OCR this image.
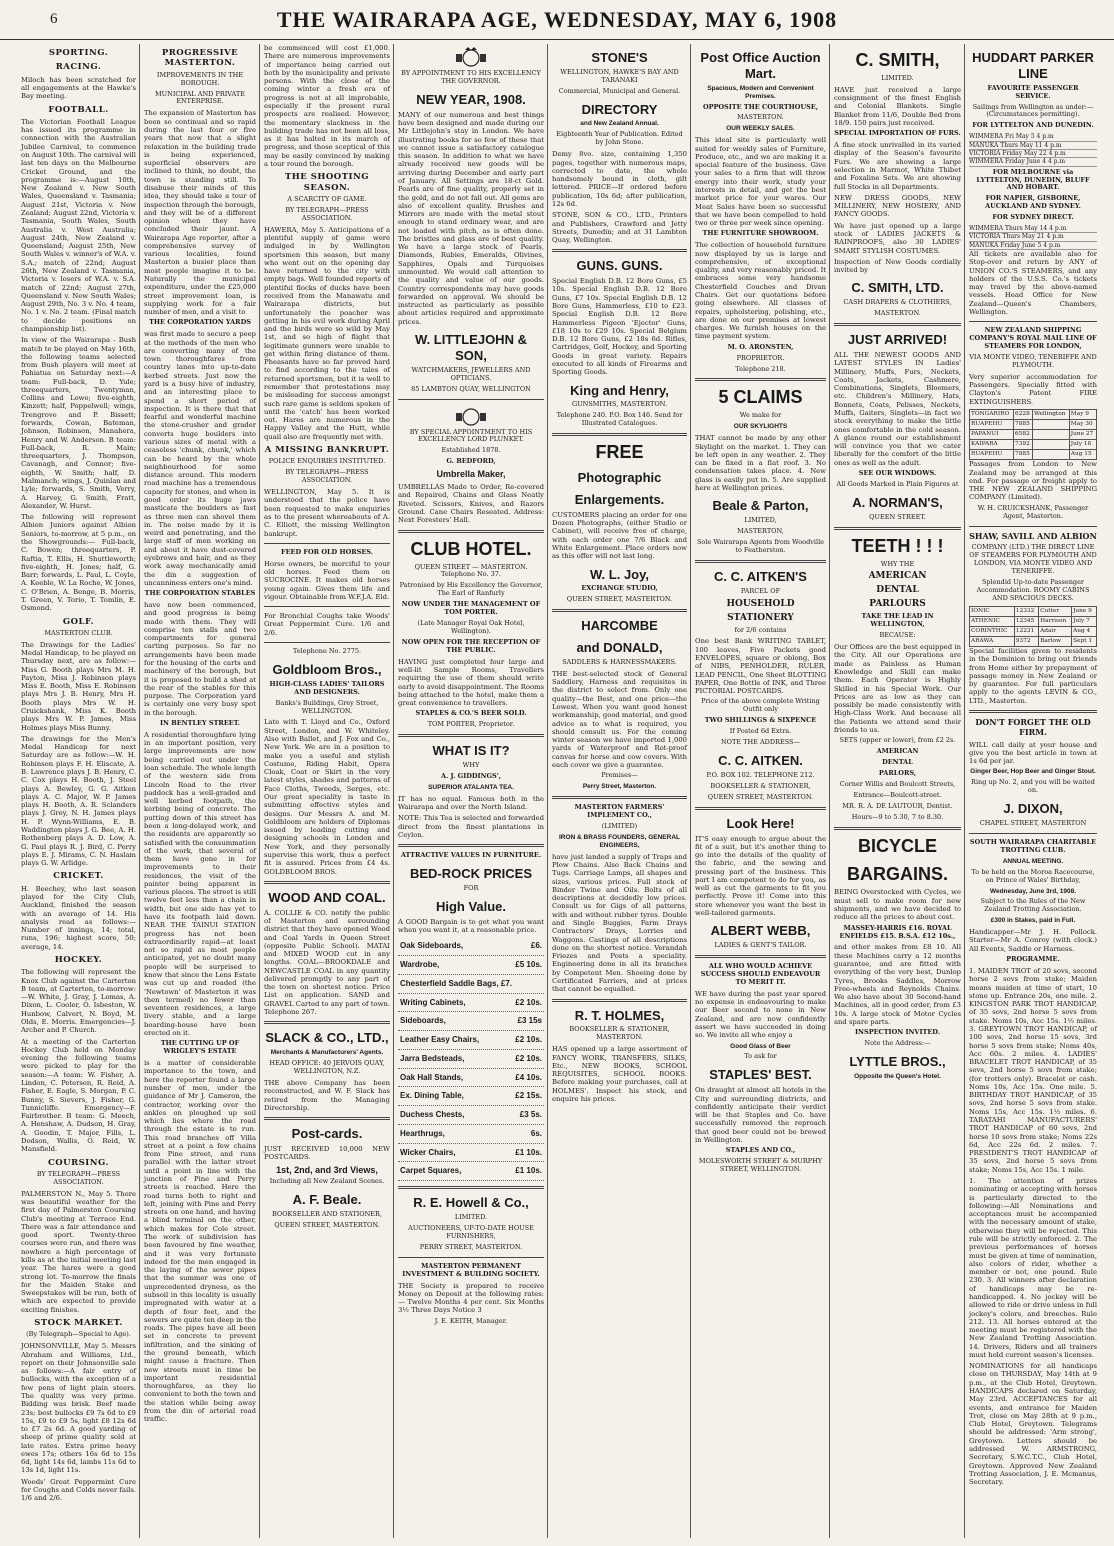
6	THE WAIRARAPA AGE, WEDNESDAY, MAY 6, 1908
SPORTING.
RACING.

Miloch has been scratched for all engagements at the Hawke's Bay meeting.

FOOTBALL.

The Victorian Football League has issued its programme in connection with the Australian Jubilee Carnival, to commence on August 10th. The carnival will last ten days on the Melbourne Cricket Ground, and the programme is:—August 10th, New Zealand v. New South Wales, Queensland v. Tasmania; August 21st, Victoria v. New Zealand; August 22nd, Victoria v. Tasmania, South Wales, South Australia v. West Australia; August 24th, New Zealand v. Queensland; August 25th, New South Wales v. winner's of W.A. v. S.A.; match of 22nd; August 26th, New Zealand v. Tasmania, Victoria v. losers of W.A. v. S.A. match of 22nd; August 27th, Queensland v. New South Wales; August 29th, No. 3 v. No. 4 team, No. 1 v. No. 2 team. (Final match to decide positions on championship list).

In view of the Wairarapa - Bush match to be played on May 16th, the following teams selected from Bush players will meet at Pahiatua on Saturday next:—A team: Full-back, D. Yule; threequarters, Twentyman, Collins and Lowe; five-eighth, Kinzett; half, Poppelwell; wings, Trengrove and P. Bissett; forwards, Cowan, Bateman, Johnson, Robinson, Manahera, Henry and W. Anderson. B team: Full-back, R. Main; threequarters, J. Thompson, Cavanagh, and Connor; five-eighth, W. Smith; half, D. Malmanch; wings, J. Quinlan and Lyle; forwards, S. Smith, Verry, A. Harvey, G. Smith, Fratt, Alexander, W. Hurst.

The following will represent Albion Juniors against Albion Seniors, to-morrow, at 5 p.m., on the Showgrounds:— Full-back, C. Bowen; threequarters, P. Raftia, T. Ellis, H. Shuttleworth; five-eighth, H. Jones; half, G. Barr; forwards, L. Paul, L. Coyle, A. Keeble, W. La Roche, W. Jones, C. O'Brien, A. Benge, B. Morris, T. Green, V. Torio, T. Tomlin, E. Osmond.

GOLF.
MASTERTON CLUB.

The Drawings for the Ladies' Medal Handicap, to be played on Thursday next, are as follow:—Miss G. Booth plays Mrs M. H. Payton, Miss J. Robinson plays Miss E. Booth, Miss E. Robinson plays Mrs J. B. Henry, Mrs H. Booth plays Mrs W. H. Cruickshank, Miss K. Booth plays Mrs W. P. James, Miss Holmes plays Miss Bunny.

The drawings for the Men's Medal Handicap for next Saturday are as follow:—W. H. Robinson plays F. H. Eliscate, A. B. Lawrence plays J. B. Henry, C. C. Cox plays H. Booth, J. Steel plays A. Bewley, G. G. Aitken plays A. C. Major, W. P. James plays H. Booth, A. R. Sclanders plays J. Grey, N. H. James plays H. P. Wynn-Williams, E. B. Waddington plays J. G. Bee, A. H. Rothenberg plays A. D. Low, A. G. Paul plays R. J. Bird, C. Perry plays E. J. Mirams, C. N. Haslam plays G. W. Arlidge.

CRICKET.

H. Beechey, who last season played for the City Club, Auckland, finished the season with an average of 14. His analysis read as follows:—Number of innings, 14; total, runs, 196; highest score, 50; average, 14.

HOCKEY.

The following will represent the Knox Club against the Carterton B team, at Carterton, to-morrow:—W. White, J. Gray, J. Lomas, A. Dixon, L. Cooler, O. Isbeston, W. Hunbow, Calvert, N. Boyd, M. Olds, E. Morris. Emergencies—J. Archer and P. Church.

At a meeting of the Carterton Hockey Club held on Monday evening the following teams were picked to play for the season:—A team: W. Fisher, A. Lindon, C. Petersen, R. Reid, A. Fisher, E. Eagle, S. Morgan, P. C. Bunny, S. Sievers, J. Fisher, G. Tunnicliffe. Emergency—F. Fairbrother. B team: G. Meech, A. Henshaw, A. Dudson, H. Gray, A. Goodin, T. Major, Fills, L. Dodson, Wallis, O. Reid, W. Mansfield.

COURSING.
BY TELEGRAPH—PRESS ASSOCIATION.

PALMERSTON N., May 5. There was beautiful weather for the first day of Palmerston Coursing Club's meeting at Terrace End. There was a fair attendance and good sport. Twenty-three courses were run, and there was nowhere a high percentage of kills as at the initial meeting last year. The hares were a good strong lot. To-morrow the finals for the Maiden Stake and Sweepstakes will be run, both of which are expected to provide exciting finishes.

STOCK MARKET.
(By Telegraph—Special to Age).

JOHNSONVILLE, May 5. Messrs Abraham and Williams, Ltd., report on their Johnsonville sale as follows:—A fair entry of bullocks, with the exception of a few pens of light plain steers. The quality was very prime. Bidding was brisk. Beef made 23s; best bullocks £9 7s 6d to £9 15s, £9 to £9 5s, light £8 12s 6d to £7 2s 6d. A good yarding of sheep of prime quality sold at late rates. Extra prime heavy ewes 17s; others 16s 6d to 15s 6d, light 14s 6d, lambs 11s 6d to 13s 1d, light 11s.

Woods' Great Peppermint Cure for Coughs and Colds never fails. 1/6 and 2/6.

PROGRESSIVE MASTERTON.
IMPROVEMENTS IN THE BOROUGH.
MUNICIPAL AND PRIVATE ENTERPRISE.

The expansion of Masterton has been so continual and so rapid during the last four or five years that now that a slight relaxation in the building trade is being experienced, superficial observers are inclined to think, no doubt, the town is standing still. To disabuse their minds of this idea, they should take a tour of inspection through the borough, and they will be of a different opinion when they have concluded their jaunt. A Wairarapa Age reporter, after a comprehensive survey of various localities, found Masterton a busier place than most people imagine it to be. Naturally the municipal expenditure, under the £25,000 street improvement loan, is supplying work for a fair number of men, and a visit to

THE CORPORATION YARDS

was first made to secure a peep at the methods of the men who are converting many of the town thoroughfares from country lanes into up-to-date kerbed streets. Just now the yard is a busy hive of industry, and an interesting place to spend a short period of inspection. It is there that that fearful and wonderful machine the stone-crusher and grader converts huge boulders into various sizes of metal with a ceaseless 'chunk, chunk,' which can be heard by the whole neighbourhood for some distance around. This modern road machine has a tremendous capacity for stones, and when in good order its huge jaws masticate the boulders as fast as three men can shovel them in. The noise made by it is weird and penetrating, and the large staff of men working on and about it have dust-covered eyebrows and hair, and as they work away mechanically amid the din a suggestion of uncanniness enters one's mind.

THE CORPORATION STABLES

have now been commenced, and good progress is being made with them. They will comprise ten stalls and two compartments for general carting purposes. So far no arrangements have been made for the housing of the carts and machinery of the borough, but it is proposed to build a shed at the rear of the stables for this purpose. The Corporation yard is certainly one very busy spot in the borough.

IN BENTLEY STREET.

A residential thoroughfare lying in an important position, very large improvements are now being carried out under the loan schedule. The whole length of the western side from Lincoln Road to the river paddock has a well-graded and well kerbed footpath, the kerbing being of concrete. The putting down of this street has been a long-delayed work, and the residents are apparently so satisfied with the consummation of the work, that several of them have gone in for improvements to their residences, the visit of the painter being apparent in various places. The street is still twelve feet less than a chain in width, but one side has yet to have its footpath laid down. NEAR THE TAINUI STATION progress has not been extraordinarily rapid—at least not so rapid as most people anticipated, yet no doubt many people will be surprised to know that since the Lens Estate was cut up and roaded (the 'Newtown' of Masterton it was then termed) no fewer than seventeen residences, a large livery stable, and a large boarding-house have been erected on it.

THE CUTTING UP OF WRIGLEY'S ESTATE

is a matter of considerable importance to the town, and here the reporter found a large number of men, under the guidance of Mr J. Cameron, the contractor, working over the ankles on ploughed up soil which lies where the road through the estate is to run. This road branches off Villa street at a point a few chains from Pine street, and runs parallel with the latter street until a point in line with the junction of Pine and Perry streets is reached. Here the road turns both to right and left, joining with Pine and Perry streets on one hand, and having a blind terminal on the other, which makes for Cole street. The work of subdivision has been favoured by fine weather, and it was very fortunate indeed for the men engaged in the laying of the sewer pipes that the summer was one of unprecedented dryness, as the subsoil in this locality is usually impregnated with water at a depth of four feet, and the sewers are quite ten deep in the roads. The pipes have all been set in concrete to prevent infiltration, and the sinking of the ground beneath, which might cause a fracture. Then new streets must in time be important residential thoroughfares, as they lie convenient to both the town and the station while being away from the din of arterial road traffic.

be commenced will cost £1,000. There are numerous improvements of importance being carried out both by the municipality and private persons. With the close of the coming winter a fresh era of progress is not at all improbable, especially if the present rural prospects are realised. However, the momentary slackness in the building trade has not been all loss, as it has halted in its march of progress, and those sceptical of this may be easily convinced by making a tour round the borough.

THE SHOOTING SEASON.
A SCARCITY OF GAME.
BY TELEGRAPH—PRESS ASSOCIATION.

HAWERA, May 5. Anticipations of a plentiful supply of game were indulged in by Wellington sportsmen this season, but many who went out on the opening day have returned to the city with empty bags. Well founded reports of plentiful flocks of ducks have been received from the Manawatu and Wairarapa districts, but unfortunately the poacher was getting in his evil work during April and the birds were so wild by May 1st, and so high of flight that legitimate gunners were unable to get within firing distance of them. Pheasants have so far proved hard to find according to the tales of returned sportsmen, but it is well to remember that protestations may be misleading for success amongst such rare game is seldom spoken of until the 'catch' has been worked out. Hares are numerous in the Happy Valley and the Hutt, while quail also are frequently met with.

A MISSING BANKRUPT.
POLICE ENQUIRIES INSTITUTED.
BY TELEGRAPH—PRESS ASSOCIATION.

WELLINGTON, May 5. It is understood that the police have been requested to make enquiries as to the present whereabouts of A. C. Elliott, the missing Wellington bankrupt.

FEED FOR OLD HORSES.

Horse owners, be merciful to your old horses. Feed them on SUCROCINE. It makes old horses young again. Gives them life and vigour. Obtainable from W.F.J.A. Eld.

For Bronchial Coughs take Woods' Great Peppermint Cure. 1/6 and 2/6.

Telephone No. 2775.
Goldbloom Bros.,
HIGH-CLASS LADIES' TAILORS AND DESIGNERS.
Banks's Buildings, Grey Street, WELLINGTON.

Late with T. Lloyd and Co., Oxford Street, London, and W. Whiteley. Also with Ballet, and J. Fox and Co., New York. We are in a position to make you a useful and stylish Costume, Riding Habit, Opera Cloak, Coat or Skirt in the very latest styles, shades and patterns of Face Cloths, Tweeds, Serges, etc. Our great speciality is taste in submitting effective styles and designs. Our Messrs A. and M. Goldbloom are holders of Diplomas issued by leading cutting and designing schools in London and New York, and they personally supervise this work, thus a perfect fit is assured. Prices from £4 4s. GOLDBLOOM BROS.

WOOD AND COAL.

A. COLLIE & CO. notify the public of Masterton and surrounding district that they have opened Wood and Coal Yards in Queen Street (opposite Public School). MATAI and MIXED WOOD cut in any lengths. COAL—BROOKDALE and NEWCASTLE COAL in any quantity delivered promptly to any part of the town on shortest notice. Price List on application. SAND and GRAVEL Carted to any part of town. Telephone 267.

SLACK & CO., LTD.,
Merchants & Manufacturers' Agents.
HEAD OFFICE: 40 JERVOIS QUAY, WELLINGTON, N.Z.

THE above Company has been reconstructed, and W. F. Slack has retired from the Managing Directorship.

Post-cards.

JUST RECEIVED 10,000 NEW POSTCARDS.

1st, 2nd, and 3rd Views,
Including all New Zealand Scenes.
A. F. Beale.
BOOKSELLER AND STATIONER,
QUEEN STREET, MASTERTON.
BY APPOINTMENT TO HIS EXCELLENCY THE GOVERNOR.
NEW YEAR, 1908.

MANY of our numerous and best things have been designed and made during our Mr Littlejohn's stay in London. We have illustrating books for so few of these that we cannot issue a satisfactory catalogue this season. In addition to what we have already received new goods will be arriving during December and early part of January. All Settings are 18-ct Gold. Pearls are of fine quality, properly set in the gold, and do not fall out. All gems are also of excellent quality. Brushes and Mirrors are made with the metal stout enough to stand ordinary wear, and are not loaded with pitch, as is often done. The bristles and glass are of best quality. We have a large stock of Pearls, Diamonds, Rubies, Emeralds, Olivines, Sapphires, Opals and Turquoises unmounted. We would call attention to the quality and value of our goods. Country correspondents may have goods forwarded on approval. We should be instructed as particularly as possible about articles required and approximate prices.

W. LITTLEJOHN & SON,
WATCHMAKERS, JEWELLERS AND OPTICIANS.
85 LAMBTON QUAY, WELLINGTON
BY SPECIAL APPOINTMENT TO HIS EXCELLENCY LORD PLUNKET.
Established 1878.
G. BEDFORD,
Umbrella Maker,

UMBRELLAS Made to Order, Re-covered and Repaired, Chains and Glass Neatly Riveted. Scissors, Knives, and Razors Ground. Cane Chairs Reseated. Address: Next Foresters' Hall.

CLUB HOTEL.
QUEEN STREET — MASTERTON. Telephone No. 37.
Patronised by His Excellency the Governor, The Earl of Ranfurly
NOW UNDER THE MANAGEMENT OF TOM PORTER.
(Late Manager Royal Oak Hotel, Wellington).
NOW OPEN FOR THE RECEPTION OF THE PUBLIC.

HAVING just completed four large and well-lit Sample Rooms, Travellers requiring the use of them should write early to avoid disappointment. The Rooms being attached to the hotel, make them a great convenience to travellers.

STAPLES & CO.'S BEER SOLD.
TOM PORTER, Proprietor.
WHAT IS IT?
WHY
A. J. GIDDINGS',
SUPERIOR ATALANTA TEA.

IT has no equal. Famous both in the Wairarapa and over the North Island.

NOTE: This Tea is selected and forwarded direct from the finest plantations in Ceylon.

ATTRACTIVE VALUES IN FURNITURE.
BED-ROCK PRICES
FOR
High Value.

A GOOD Bargain is to get what you want when you want it, at a reasonable price.

Oak Sideboards,	£6.
Wardrobe,	£5 10s.
Chesterfield Saddle Bags, £7.
Writing Cabinets,	£2 10s.
Sideboards,	£3 15s
Leather Easy Chairs,	£2 10s.
Jarra Bedsteads,	£2 10s.
Oak Hall Stands,	£4 10s.
Ex. Dining Table,	£2 15s.
Duchess Chests,	£3 5s.
Hearthrugs,	6s.
Wicker Chairs,	£1 10s.
Carpet Squares,	£1 10s.
R. E. Howell & Co.,
LIMITED.
AUCTIONEERS, UP-TO-DATE HOUSE FURNISHERS,
PERRY STREET, MASTERTON.
MASTERTON PERMANENT INVESTMENT & BUILDING SOCIETY.

THE Society is prepared to receive Money on Deposit at the following rates:— Twelve Months 4 per cent. Six Months 3½ Three Days Notice 3

J. E. KEITH, Manager.
STONE'S
WELLINGTON, HAWKE'S BAY AND TARANAKI
Commercial, Municipal and General.
DIRECTORY
and New Zealand Annual.
Eighteenth Year of Publication. Edited by John Stone.

Demy 8vo. size, containing 1,350 pages, together with numerous maps, corrected to date, the whole handsomely bound in cloth, gilt lettered. PRICE—If ordered before publication, 10s 6d; after publication, 12s 6d.

STONE, SON & CO., LTD., Printers and Publishers, Crawford and Jetty Streets, Dunedin; and at 31 Lambton Quay, Wellington.

GUNS. GUNS.

Special English D.B. 12 Bore Guns, £5 10s. Special English D.B. 12 Bore Guns, £7 10s. Special English D.B. 12 Bore Guns, Hammerless, £10 to £23. Special English D.B. 12 Bore Hammerless Pigeon 'Ejector' Guns, £18 10s to £29 10s. Special Belgium D.B. 12 Bore Guns, £2 18s 6d. Rifles, Cartridges, Golf, Hockey, and Sporting Goods in great variety. Repairs executed to all kinds of Firearms and Sporting Goods.

King and Henry,
GUNSMITHS, MASTERTON.
Telephone 240. P.O. Box 146. Send for Illustrated Catalogues.
FREE
Photographic
Enlargements.

CUSTOMERS placing an order for one Dozen Photographs, (either Studio or Cabinet), will receive free of charge, with each order one 7/6 Black and White Enlargement. Place orders now as this offer will not last long.

W. L. Joy,
EXCHANGE STUDIO,
QUEEN STREET, MASTERTON.
HARCOMBE
and DONALD,
SADDLERS & HARNESSMAKERS.

THE best-selected stock of General Saddlery, Harness and requisites in the district to select from. Only one quality—the Best, and one price—the Lowest. When you want good honest workmanship, good material, and good advice as to what is required, you should consult us. For the coming winter season we have imported 1,000 yards of Waterproof and Rot-proof canvas for horse and cow covers. With each cover we give a guarantee.

Premises—
Perry Street, Masterton.
MASTERTON FARMERS' IMPLEMENT CO.,
(LIMITED)
IRON & BRASS FOUNDERS, GENERAL ENGINEERS,

have just landed a supply of Traps and Plow Chains. Also Back Chains and Tugs. Carriage Lamps, all shapes and sizes, various prices. Full stock of Binder Twine and Oils. Bolts of all descriptions at decidedly low prices. Consult us for Gigs of all patterns, with and without rubber tyres. Double and Single Buggies, Farm Drays Contractors' Drays, Lorries and Waggons. Castings of all descriptions done on the shortest notice. Verandah Friezes and Posts a speciality. Engineering done in all its branches by Competent Men. Shoeing done by Certificated Farriers, and at prices that cannot be equalled.

R. T. HOLMES,
BOOKSELLER & STATIONER, MASTERTON.

HAS opened up a large assortment of FANCY WORK, TRANSFERS, SILKS, Etc., NEW BOOKS, SCHOOL REQUISITES, SCHOOL BOOKS. Before making your purchases, call at HOLMES'. Inspect his stock, and enquire his prices.

Post Office Auction Mart.
Spacious, Modern and Convenient Premises.
OPPOSITE THE COURTHOUSE,
MASTERTON.
OUR WEEKLY SALES.

This ideal site is particularly well suited for weekly sales of Furniture, Produce, etc., and we are making it a special feature of the business. Give your sales to a firm that will throw energy into their work, study your interests in detail, and get the best market price for your wares. Our Meat Sales have been so successful that we have been compelled to hold two or three per week since opening.

THE FURNITURE SHOWROOM.

The collection of household furniture now displayed by us is large and comprehensive, of exceptional quality, and very reasonably priced. It embraces some very handsome Chesterfield Couches and Divan Chairs. Get our quotations before going elsewhere. All classes of repairs, upholstering, polishing, etc., are done on our premises at lowest charges. We furnish houses on the time payment system.

M. O. ARONSTEN,
PROPRIETOR.
Telephone 218.
5 CLAIMS
We make for
OUR SKYLIGHTS

THAT cannot be made by any other Skylight on the market. 1. They can be left open in any weather. 2. They can be fixed in a flat roof. 3. No condensation takes place. 4. New glass is easily put in. 5. Are supplied here at Wellington prices.

Beale & Parton,
LIMITED,
MASTERTON,
Sole Wairarapa Agents from Woodville to Featherston.
C. C. AITKEN'S
PARCEL OF
HOUSEHOLD
STATIONERY
for 2/6 contains

One best Bank WRITING TABLET, 100 leaves, Five Packets good ENVELOPES, square or oblong, Box of NIBS, PENHOLDER, RULER, LEAD PENCIL, One Sheet BLOTTING PAPER, One Bottle of INK, and Three PICTORIAL POSTCARDS.

Price of the above complete Writing Outfit only
TWO SHILLINGS & SIXPENCE
If Posted 6d Extra.
NOTE THE ADDRESS—
C. C. AITKEN.
P.O. BOX 102. TELEPHONE 212.
BOOKSELLER & STATIONER,
QUEEN STREET, MASTERTON.
Look Here!

IT'S easy enough to argue about the fit of a suit, but it's another thing to go into the details of the quality of the fabric, and the sewing and pressing part of the business. This part I am competent to do for you, as well as cut the garments to fit you perfectly. Prove it! Come into this store whenever you want the best in well-tailored garments.

ALBERT WEBB,
LADIES & GENT'S TAILOR.
ALL WHO WOULD ACHIEVE SUCCESS SHOULD ENDEAVOUR TO MERIT IT.

WE have during the past year spared no expense in endeavouring to make our Beer second to none in New Zealand, and are now confidently assert we have succeeded in doing so. We invite all who enjoy a

Good Glass of Beer
To ask for
STAPLES' BEST.

On draught at almost all hotels in the City and surrounding districts, and confidently anticipate their verdict will be that Staples and Co. have successfully removed the reproach that good beer could not be brewed in Wellington.

STAPLES AND CO.,
MOLESWORTH STREET & MURPHY STREET, WELLINGTON.
C. SMITH,
LIMITED.

HAVE just received a large consignment of the finest English and Colonial Blankets. Single Blanket from 11/6, Double Bed from 18/9. 150 pairs just received.

SPECIAL IMPORTATION OF FURS.

A fine stock unrivalled in its varied display of the Season's favourite Furs. We are showing a large selection in Marmot, White Thibet and Foxaline Sets. We are showing full Stocks in all Departments.

NEW DRESS GOODS, NEW MILLINERY, NEW HOSIERY, AND FANCY GOODS.

We have just opened up a large stock of LADIES JACKETS & RAINPROOFS, also 30 LADIES' SMART STYLISH COSTUMES.

Inspection of New Goods cordially invited by

C. SMITH, LTD.
CASH DRAPERS & CLOTHIERS,
MASTERTON.
JUST ARRIVED!

ALL THE NEWEST GOODS AND LATEST STYLES IN Ladies' Millinery, Muffs, Furs, Neckets, Coats, Jackets, Cashmere, Combinations, Singlets, Bloomers, etc. Children's Millinery, Hats, Bonnets, Coats, Pelisses, Neckets, Muffs, Gaiters, Singlets—in fact we stock everything to make the little ones comfortable in the cold season. A glance round our establishment will convince you that we cater liberally for the comfort of the little ones as well as the adult.

SEE OUR WINDOWS.
All Goods Marked in Plain Figures at
A. NORMAN'S,
QUEEN STREET.
TEETH ! ! !
WHY THE
AMERICAN
DENTAL
PARLOURS
TAKE THE LEAD IN WELLINGTON,
BECAUSE:

Our Offices are the best equipped in the City. All our Operations are made as Painless as Human Knowledge and Skill can make them. Each Operator is Highly Skilled in his Special Work. Our Prices are as low as they can possibly be made consistently with High-Class Work. And because all the Patients we attend send their friends to us.

SETS (upper or lower), from £2 2s.
AMERICAN
DENTAL
PARLORS,
Corner Willis and Boulcott Streets,
Entrance—Boulcott-street.
MR. R. A. DE LAUTOUR, Dentist.
Hours—9 to 5.30, 7 to 8.30.
BICYCLE
BARGAINS.

BEING Overstocked with Cycles, we must sell to make room for new shipments, and we have decided to reduce all the prices to about cost.

MASSEY-HARRIS £16. ROYAL ENFIELDS £15. B.S.A. £12 10s.,

and other makes from £8 10. All these Machines carry a 12 months guarantee, and are fitted with everything of the very best, Dunlop Tyres, Brooks Saddles, Morrow Free-wheels and Reynolds Chains. We also have about 30 Second-hand Machines, all in good order, from £3 10s. A large stock of Motor Cycles and spare parts.

INSPECTION INVITED.
Note the Address:—
LYTTLE BROS.,
Opposite the Queen's Hotel.
HUDDART PARKER LINE
FAVOURITE PASSENGER SERVICE.
Sailings from Wellington as under:—(Circumstances permitting).
FOR LYTTELTON AND DUNEDIN.
WIMMERA Fri May 5 4 p.m
MANUKA Thurs May 11 4 p.m
VICTORIA Friday May 22 4 p.m
WIMMERA Friday June 4 4 p.m
FOR MELBOURNE via LYTTELTON, DUNEDIN, BLUFF AND HOBART.
FOR NAPIER, GISBORNE, AUCKLAND AND SYDNEY.
FOR SYDNEY DIRECT.
WIMMERA Thurs May 14 4 p.m
VICTORIA Thurs May 21 4 p.m
MANUKA Friday June 5 4 p.m

All tickets are available also for Stop-over and return by ANY of UNION CO.'S STEAMERS, and any holders of the U.S.S. Co.'s tickets may travel by the above-named vessels. Head Office for New Zealand—Queen's Chambers, Wellington.

NEW ZEALAND SHIPPING COMPANY'S ROYAL MAIL LINE OF STEAMERS FOR LONDON,
VIA MONTE VIDEO, TENERIFFE AND PLYMOUTH.

Very superior accommodation for Passengers. Specially fitted with Clayton's Patent FIRE EXTINGUISHERS.

TONGARIRO	6228	Wellington	May 9
RUAPEHU	7885		May 30
PAPANUI	6582		June 27
KAIPARA	7392		July 18
RUAPEHU	7885		Aug 15

Passages from London to New Zealand may be arranged at this end. For passage or freight apply to THE NEW ZEALAND SHIPPING COMPANY (Limited).

W. H. CRUICKSHANK, Passenger Agent, Masterton.
SHAW, SAVILL AND ALBION
COMPANY (LTD.) THE DIRECT LINE OF STEAMERS FOR PLYMOUTH AND LONDON, VIA MONTE VIDEO AND TENERIFFE.
Splendid Up-to-date Passenger Accommodation. ROOMY CABINS AND SPACIOUS DECKS.
IONIC	12332	Cutter	June 9
ATHENIC	12345	Harrison	July 7
CORINTHIC	12231	Adair	Aug 4
ARAWA	9372	Barlow	Sept 1

Special facilities given to residents in the Dominion to bring out friends from Home either by prepayment of passage money in New Zealand or by guarantee. For full particulars apply to the agents LEVIN & CO., LTD., Masterton.

DON'T FORGET THE OLD FIRM.

WILL call daily at your house and give you the best article in town at 1s 6d per jar.

Ginger Beer, Hop Beer and Ginger Stout.
Ring up No. 2, and you will be waited on.
J. DIXON,
CHAPEL STREET, MASTERTON
SOUTH WAIRARAPA CHARITABLE TROTTING CLUB.
ANNUAL MEETING.
To be held on the Moroa Racecourse, on Prince of Wales' Birthday,
Wednesday, June 3rd, 1908.
Subject to the Rules of the New Zealand Trotting Association.
£300 in Stakes, paid in Full.

Handicapper—Mr J. H. Pollock. Starter—Mr A. Conroy (with clock.) All Events, Saddle or Harness.

PROGRAMME.

1. MAIDEN TROT of 20 sovs, second horse 2 sovs from stake; Maiden means maiden at time of start, 10 stone up. Entrance 20s, one mile. 2. KINGSTON PARK TROT HANDICAP, of 35 sovs, 2nd horse 5 sovs from stake. Noms 10s, Acc 15s. 1½ miles. 3. GREYTOWN TROT HANDICAP, of 100 sovs, 2nd horse 15 sovs, 3rd horse 5 sovs from stake; Noms 40s, Acc 60s. 2 miles. 4. LADIES' BRACELET TROT HANDICAP, of 35 sovs, 2nd horse 5 sovs from stake; (for trotters only). Bracelet or cash. Noms 10s, Acc 15s. One mile. 5. BIRTHDAY TROT HANDICAP, of 35 sovs, 2nd horse 5 sovs from stake. Noms 15s, Acc 15s. 1½ miles. 6. TARATAHI MANUFACTURERS' TROT HANDICAP of 60 sovs, 2nd horse 10 sovs from stake; Noms 22s 6d, Acc 22s 6d. 2 miles. 7. PRESIDENT'S TROT HANDICAP of 35 sovs, 2nd horse 5 sovs from stake; Noms 15s, Acc 15s. 1 mile.

1. The attention of prizes nominating or accepting with horses is particularly directed to the following:—All Nominations and acceptances must be accompanied with the necessary amount of stake, otherwise they will be rejected. This rule will be strictly enforced. 2. The previous performances of horses must be given at time of nomination, also colors of rider, whether a member or not, one pound. Rule 230. 3. All winners after declaration of handicaps may be re-handicapped. 4. No jockey will be allowed to ride or drive unless in full jockey's colors, and breeches. Rule 212. 13. All horses entered at the meeting must be registered with the New Zealand Trotting Association. 14. Drivers, Riders and all trainers must hold current season's licenses.

NOMINATIONS for all handicaps close on THURSDAY, May 14th at 9 p.m., at the Club Hotel, Greytown. HANDICAPS declared on Saturday, May 23rd. ACCEPTANCES for all events, and entrance for Maiden Trot, close on May 28th at 9 p.m., Club Hotel, Greytown. Telegrams should be addressed: 'Arm strong', Greytown. Letters should be addressed W. ARMSTRONG, Secretary, S.W.C.T.C., Club Hotel, Greytown. Approved New Zealand Trotting Association, J. E. Mcmanus, Secretary.
